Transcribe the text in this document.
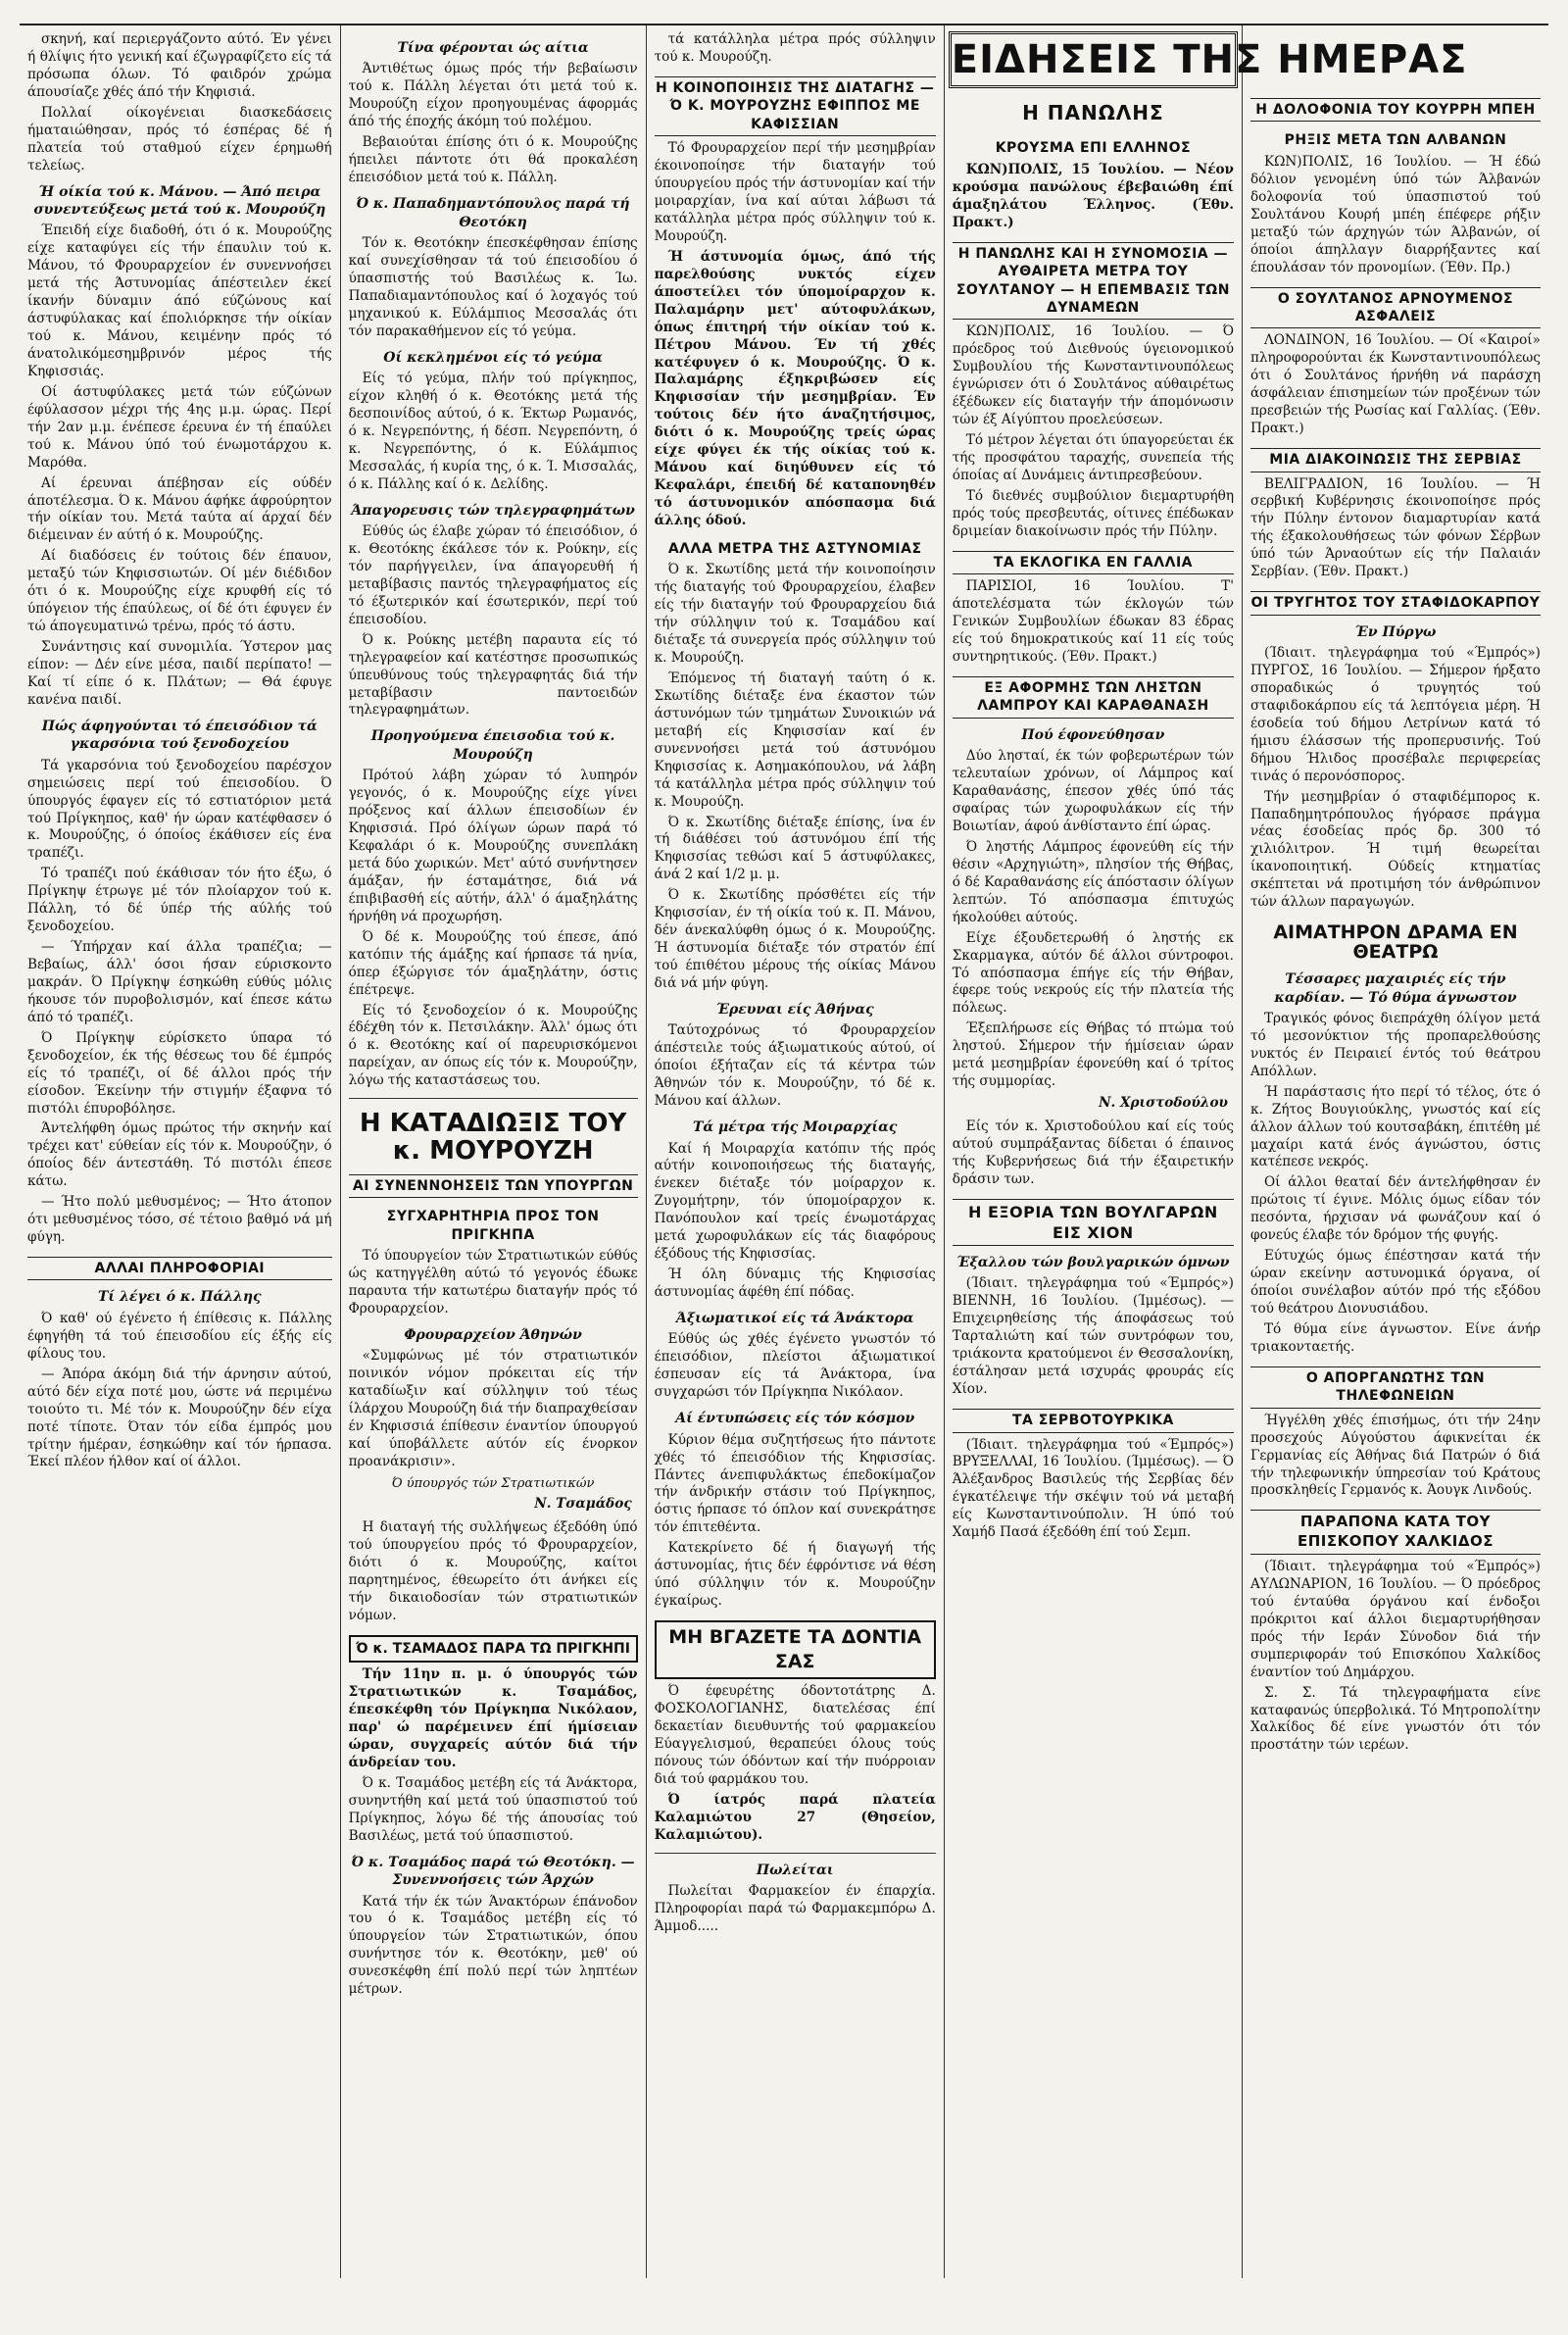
σκηνή, καί περιεργάζοντο αύτό. Έν γένει ή θλίψις ήτο γενική καί έζωγραφίζετο είς τά πρόσωπα όλων. Τό φαιδρόν χρώμα άπουσίαζε χθές άπό τήν Κηφισιά.

Πολλαί οίκογένειαι διασκεδάσεις ήματαιώθησαν, πρός τό έσπέρας δέ ή πλατεία τού σταθμού είχεν έρημωθή τελείως.

Ή οίκία τού κ. Μάνου. — Άπό πειρα συνεντεύξεως μετά τού κ. Μουρούζη

Έπειδή είχε διαδοθή, ότι ό κ. Μουρούζης είχε καταφύγει είς τήν έπαυλιν τού κ. Μάνου, τό Φρουραρχείον έν συνεννοήσει μετά τής Άστυνομίας άπέστειλεν έκεί ίκανήν δύναμιν άπό εύζώνους καί άστυφύλακας καί έπολιόρκησε τήν οίκίαν τού κ. Μάνου, κειμένην πρός τό άνατολικόμεσημβρινόν μέρος τής Κηφισσιάς.

Οί άστυφύλακες μετά τών εύζώνων έφύλασσον μέχρι τής 4ης μ.μ. ώρας. Περί τήν 2αν μ.μ. ένέπεσε έρευνα έν τή έπαύλει τού κ. Μάνου ύπό τού ένωμοτάρχου κ. Μαρόθα.

Αί έρευναι άπέβησαν είς ούδέν άποτέλεσμα. Ό κ. Μάνου άφήκε άφρούρητον τήν οίκίαν του. Μετά ταύτα αί άρχαί δέν διέμειναν έν αύτή ό κ. Μουρούζης.

Αί διαδόσεις έν τούτοις δέν έπαυον, μεταξύ τών Κηφισσιωτών. Οί μέν διέδιδον ότι ό κ. Μουρούζης είχε κρυφθή είς τό ύπόγειον τής έπαύλεως, οί δέ ότι έφυγεν έν τώ άπογευματινώ τρένω, πρός τό άστυ.

Συνάντησις καί συνομιλία. Ύστερον μας είπον: — Δέν είνε μέσα, παιδί περίπατο! — Καί τί είπε ό κ. Πλάτων; — Θά έφυγε κανένα παιδί.

Πώς άφηγούνται τό έπεισόδιον τά γκαρσόνια τού ξενοδοχείου

Τά γκαρσόνια τού ξενοδοχείου παρέσχον σημειώσεις περί τού έπεισοδίου. Ό ύπουργός έφαγεν είς τό εστιατόριον μετά τού Πρίγκηπος, καθ' ήν ώραν κατέφθασεν ό κ. Μουρούζης, ό όποίος έκάθισεν είς ένα τραπέζι.

Τό τραπέζι πού έκάθισαν τόν ήτο έξω, ό Πρίγκηψ έτρωγε μέ τόν πλοίαρχον τού κ. Πάλλη, τό δέ ύπέρ τής αύλής τού ξενοδοχείου.

— Ύπήρχαν καί άλλα τραπέζια; — Βεβαίως, άλλ' όσοι ήσαν εύρισκοντο μακράν. Ό Πρίγκηψ έσηκώθη εύθύς μόλις ήκουσε τόν πυροβολισμόν, καί έπεσε κάτω άπό τό τραπέζι.

Ό Πρίγκηψ εύρίσκετο ύπαρα τό ξενοδοχείον, έκ τής θέσεως του δέ έμπρός είς τό τραπέζι, οί δέ άλλοι πρός τήν είσοδον. Έκείνην τήν στιγμήν έξαφνα τό πιστόλι έπυροβόλησε.

Άντελήφθη όμως πρώτος τήν σκηνήν καί τρέχει κατ' εύθείαν είς τόν κ. Μουρούζην, ό όποίος δέν άντεστάθη. Τό πιστόλι έπεσε κάτω.

— Ήτο πολύ μεθυσμένος; — Ήτο άτοπον ότι μεθυσμένος τόσο, σέ τέτοιο βαθμό νά μή φύγη.

ΑΛΛΑΙ ΠΛΗΡΟΦΟΡΙΑΙ
Τί λέγει ό κ. Πάλλης

Ό καθ' ού έγένετο ή έπίθεσις κ. Πάλλης έφηγήθη τά τού έπεισοδίου είς έξής είς φίλους του.

— Άπόρα άκόμη διά τήν άρνησιν αύτού, αύτό δέν είχα ποτέ μου, ώστε νά περιμένω τοιούτο τι. Μέ τόν κ. Μουρούζην δέν είχα ποτέ τίποτε. Όταν τόν είδα έμπρός μου τρίτην ήμέραν, έσηκώθην καί τόν ήρπασα. Έκεί πλέον ήλθον καί οί άλλοι.

Τίνα φέρονται ώς αίτια

Άντιθέτως όμως πρός τήν βεβαίωσιν τού κ. Πάλλη λέγεται ότι μετά τού κ. Μουρούζη είχον προηγουμένας άφορμάς άπό τής έποχής άκόμη τού πολέμου.

Βεβαιούται έπίσης ότι ό κ. Μουρούζης ήπειλει πάντοτε ότι θά προκαλέση έπεισόδιον μετά τού κ. Πάλλη.

Ό κ. Παπαδημαντόπουλος παρά τή Θεοτόκη

Τόν κ. Θεοτόκην έπεσκέφθησαν έπίσης καί συνεχίσθησαν τά τού έπεισοδίου ό ύπασπιστής τού Βασιλέως κ. Ίω. Παπαδιαμαντόπουλος καί ό λοχαγός τού μηχανικού κ. Εύλάμπιος Μεσσαλάς ότι τόν παρακαθήμενον είς τό γεύμα.

Οί κεκλημένοι είς τό γεύμα

Είς τό γεύμα, πλήν τού πρίγκηπος, είχον κληθή ό κ. Θεοτόκης μετά τής δεσποινίδος αύτού, ό κ. Έκτωρ Ρωμανός, ό κ. Νεγρεπόντης, ή δέσπ. Νεγρεπόντη, ό κ. Νεγρεπόντης, ό κ. Εύλάμπιος Μεσσαλάς, ή κυρία της, ό κ. Ί. Μισσαλάς, ό κ. Πάλλης καί ό κ. Δελίδης.

Άπαγορευσις τών τηλεγραφημάτων

Εύθύς ώς έλαβε χώραν τό έπεισόδιον, ό κ. Θεοτόκης έκάλεσε τόν κ. Ρούκην, είς τόν παρήγγειλεν, ίνα άπαγορευθή ή μεταβίβασις παντός τηλεγραφήματος είς τό έξωτερικόν καί έσωτερικόν, περί τού έπεισοδίου.

Ό κ. Ρούκης μετέβη παραυτα είς τό τηλεγραφείον καί κατέστησε προσωπικώς ύπευθύνους τούς τηλεγραφητάς διά τήν μεταβίβασιν παντοειδών τηλεγραφημάτων.

Προηγούμενα έπεισοδια τού κ. Μουρούζη

Πρότού λάβη χώραν τό λυπηρόν γεγονός, ό κ. Μουρούζης είχε γίνει πρόξενος καί άλλων έπεισοδίων έν Κηφισσιά. Πρό όλίγων ώρων παρά τό Κεφαλάρι ό κ. Μουρούζης συνεπλάκη μετά δύο χωρικών. Μετ' αύτό συνήντησεν άμάξαν, ήν έσταμάτησε, διά νά έπιβιβασθή είς αύτήν, άλλ' ό άμαξηλάτης ήρνήθη νά προχωρήση.

Ό δέ κ. Μουρούζης τού έπεσε, άπό κατόπιν τής άμάξης καί ήρπασε τά ηνία, όπερ έξώργισε τόν άμαξηλάτην, όστις έπέτρεψε.

Είς τό ξενοδοχείον ό κ. Μουρούζης έδέχθη τόν κ. Πετσιλάκην. Άλλ' όμως ότι ό κ. Θεοτόκης καί οί παρευρισκόμενοι παρείχαν, αν όπως είς τόν κ. Μουρούζην, λόγω τής καταστάσεως του.

Η ΚΑΤΑΔΙΩΞΙΣ ΤΟΥ κ. ΜΟΥΡΟΥΖΗ
ΑΙ ΣΥΝΕΝΝΟΗΣΕΙΣ ΤΩΝ ΥΠΟΥΡΓΩΝ
ΣΥΓΧΑΡΗΤΗΡΙΑ ΠΡΟΣ ΤΟΝ ΠΡΙΓΚΗΠΑ

Τό ύπουργείον τών Στρατιωτικών εύθύς ώς κατηγγέλθη αύτώ τό γεγονός έδωκε παραυτα τήν κατωτέρω διαταγήν πρός τό Φρουραρχείον.

Φρουραρχείον Άθηνών

«Συμφώνως μέ τόν στρατιωτικόν ποινικόν νόμον πρόκειται είς τήν καταδίωξιν καί σύλληψιν τού τέως ίλάρχου Μουρούζη διά τήν διαπραχθείσαν έν Κηφισσιά έπίθεσιν έναντίον ύπουργού καί ύποβάλλετε αύτόν είς ένορκον προανάκρισιν».

Ό ύπουργός τών Στρατιωτικών
Ν. Τσαμάδος

Η διαταγή τής συλλήψεως έξεδόθη ύπό τού ύπουργείου πρός τό Φρουραρχείον, διότι ό κ. Μουρούζης, καίτοι παρητημένος, έθεωρείτο ότι άνήκει είς τήν δικαιοδοσίαν τών στρατιωτικών νόμων.

Ό κ. ΤΣΑΜΑΔΟΣ ΠΑΡΑ ΤΩ ΠΡΙΓΚΗΠΙ

Τήν 11ην π. μ. ό ύπουργός τών Στρατιωτικών κ. Τσαμάδος, έπεσκέφθη τόν Πρίγκηπα Νικόλαον, παρ' ώ παρέμεινεν έπί ήμίσειαν ώραν, συγχαρείς αύτόν διά τήν άνδρείαν του.

Ό κ. Τσαμάδος μετέβη είς τά Άνάκτορα, συνηντήθη καί μετά τού ύπασπιστού τού Πρίγκηπος, λόγω δέ τής άπουσίας τού Βασιλέως, μετά τού ύπασπιστού.

Ό κ. Τσαμάδος παρά τώ Θεοτόκη. — Συνεννοήσεις τών Άρχών

Κατά τήν έκ τών Άνακτόρων έπάνοδον του ό κ. Τσαμάδος μετέβη είς τό ύπουργείον τών Στρατιωτικών, όπου συνήντησε τόν κ. Θεοτόκην, μεθ' ού συνεσκέφθη έπί πολύ περί τών ληπτέων μέτρων.

τά κατάλληλα μέτρα πρός σύλληψιν τού κ. Μουρούζη.

Η ΚΟΙΝΟΠΟΙΗΣΙΣ ΤΗΣ ΔΙΑΤΑΓΗΣ — Ό Κ. ΜΟΥΡΟΥΖΗΣ ΕΦΙΠΠΟΣ ΜΕ ΚΑΦΙΣΣΙΑΝ

Τό Φρουραρχείον περί τήν μεσημβρίαν έκοινοποίησε τήν διαταγήν τού ύπουργείου πρός τήν άστυνομίαν καί τήν μοιραρχίαν, ίνα καί αύται λάβωσι τά κατάλληλα μέτρα πρός σύλληψιν τού κ. Μουρούζη.

Ή άστυνομία όμως, άπό τής παρελθούσης νυκτός είχεν άποστείλει τόν ύπομοίραρχον κ. Παλαμάρην μετ' αύτοφυλάκων, όπως έπιτηρή τήν οίκίαν τού κ. Πέτρου Μάνου. Έν τή χθές κατέφυγεν ό κ. Μουρούζης. Ό κ. Παλαμάρης έξηκριβώσεν είς Κηφισσίαν τήν μεσημβρίαν. Έν τούτοις δέν ήτο άναζητήσιμος, διότι ό κ. Μουρούζης τρείς ώρας είχε φύγει έκ τής οίκίας τού κ. Μάνου καί διηύθυνεν είς τό Κεφαλάρι, έπειδή δέ καταπονηθέν τό άστυνομικόν απόσπασμα διά άλλης όδού.

ΑΛΛΑ ΜΕΤΡΑ ΤΗΣ ΑΣΤΥΝΟΜΙΑΣ

Ό κ. Σκωτίδης μετά τήν κοινοποίησιν τής διαταγής τού Φρουραρχείου, έλαβεν είς τήν διαταγήν τού Φρουραρχείου διά τήν σύλληψιν τού κ. Τσαμάδου καί διέταξε τά συνεργεία πρός σύλληψιν τού κ. Μουρούζη.

Έπόμενος τή διαταγή ταύτη ό κ. Σκωτίδης διέταξε ένα έκαστον τών άστυνόμων τών τμημάτων Συνοικιών νά μεταβή είς Κηφισσίαν καί έν συνεννοήσει μετά τού άστυνόμου Κηφισσίας κ. Ασημακόπουλου, νά λάβη τά κατάλληλα μέτρα πρός σύλληψιν τού κ. Μουρούζη.

Ό κ. Σκωτίδης διέταξε έπίσης, ίνα έν τή διάθέσει τού άστυνόμου έπί τής Κηφισσίας τεθώσι καί 5 άστυφύλακες, άνά 2 καί 1/2 μ. μ.

Ό κ. Σκωτίδης πρόσθέτει είς τήν Κηφισσίαν, έν τή οίκία τού κ. Π. Μάνου, δέν άνεκαλύφθη όμως ό κ. Μουρούζης. Ή άστυνομία διέταξε τόν στρατόν έπί τού έπιθέτου μέρους τής οίκίας Μάνου διά νά μήν φύγη.

Έρευναι είς Άθήνας

Ταύτοχρόνως τό Φρουραρχείον άπέστειλε τούς άξιωματικούς αύτού, οί όποίοι έξήταζαν είς τά κέντρα τών Άθηνών τόν κ. Μουρούζην, τό δέ κ. Μάνου καί άλλων.

Τά μέτρα τής Μοιραρχίας

Καί ή Μοιραρχία κατόπιν τής πρός αύτήν κοινοποιήσεως τής διαταγής, ένεκεν διέταξε τόν μοίραρχον κ. Ζυγομήτρην, τόν ύπομοίραρχον κ. Πανόπουλον καί τρείς ένωμοτάρχας μετά χωροφυλάκων είς τάς διαφόρους έξόδους τής Κηφισσίας.

Ή όλη δύναμις τής Κηφισσίας άστυνομίας άφέθη έπί πόδας.

Άξιωματικοί είς τά Άνάκτορα

Εύθύς ώς χθές έγένετο γνωστόν τό έπεισόδιον, πλείστοι άξιωματικοί έσπευσαν είς τά Άνάκτορα, ίνα συγχαρώσι τόν Πρίγκηπα Νικόλαον.

Αί έντυπώσεις είς τόν κόσμον

Κύριον θέμα συζητήσεως ήτο πάντοτε χθές τό έπεισόδιον τής Κηφισσίας. Πάντες άνεπιφυλάκτως έπεδοκίμαζον τήν άνδρικήν στάσιν τού Πρίγκηπος, όστις ήρπασε τό όπλον καί συνεκράτησε τόν έπιτεθέντα.

Κατεκρίνετο δέ ή διαγωγή τής άστυνομίας, ήτις δέν έφρόντισε νά θέση ύπό σύλληψιν τόν κ. Μουρούζην έγκαίρως.

ΜΗ ΒΓΑΖΕΤΕ ΤΑ ΔΟΝΤΙΑ ΣΑΣ

Ό έφευρέτης όδοντοτάτρης Δ. ΦΟΣΚΟΛΟΓΙΑΝΗΣ, διατελέσας έπί δεκαετίαν διευθυντής τού φαρμακείου Εύαγγελισμού, θεραπεύει όλους τούς πόνους τών όδόντων καί τήν πυόρροιαν διά τού φαρμάκου του.

Ό ίατρός παρά πλατεία Καλαμιώτου 27 (Θησείον, Καλαμιώτου).

Πωλείται

Πωλείται Φαρμακείον έν έπαρχία. Πληροφορίαι παρά τώ Φαρμακεμπόρω Δ. Άμμοδ.....

ΕΙΔΗΣΕΙΣ ΤΗΣ ΗΜΕΡΑΣ
Η ΠΑΝΩΛΗΣ
ΚΡΟΥΣΜΑ ΕΠΙ ΕΛΛΗΝΟΣ

ΚΩΝ)ΠΟΛΙΣ, 15 Ίουλίου. — Νέον κρούσμα πανώλους έβεβαιώθη έπί άμαξηλάτου Έλληνος. (Έθν. Πρακτ.)

Η ΠΑΝΩΛΗΣ ΚΑΙ Η ΣΥΝΟΜΟΣΙΑ — ΑΥΘΑΙΡΕΤΑ ΜΕΤΡΑ ΤΟΥ ΣΟΥΛΤΑΝΟΥ — Η ΕΠΕΜΒΑΣΙΣ ΤΩΝ ΔΥΝΑΜΕΩΝ

ΚΩΝ)ΠΟΛΙΣ, 16 Ίουλίου. — Ό πρόεδρος τού Διεθνούς ύγειονομικού Συμβουλίου τής Κωνσταντινουπόλεως έγνώρισεν ότι ό Σουλτάνος αύθαιρέτως έξέδωκεν είς διαταγήν τήν άπομόνωσιν τών έξ Αίγύπτου προελεύσεων.

Τό μέτρον λέγεται ότι ύπαγορεύεται έκ τής προσφάτου ταραχής, συνεπεία τής όποίας αί Δυνάμεις άντιπρεσβεύουν.

Τό διεθνές συμβούλιον διεμαρτυρήθη πρός τούς πρεσβευτάς, οίτινες έπέδωκαν δριμείαν διακοίνωσιν πρός τήν Πύλην.

ΤΑ ΕΚΛΟΓΙΚΑ ΕΝ ΓΑΛΛΙΑ

ΠΑΡΙΣΙΟΙ, 16 Ίουλίου. Τ' άποτελέσματα τών έκλογών τών Γενικών Συμβουλίων έδωκαν 83 έδρας είς τού δημοκρατικούς καί 11 είς τούς συντηρητικούς. (Έθν. Πρακτ.)

ΕΞ ΑΦΟΡΜΗΣ ΤΩΝ ΛΗΣΤΩΝ ΛΑΜΠΡΟΥ ΚΑΙ ΚΑΡΑΘΑΝΑΣΗ
Πού έφονεύθησαν

Δύο λησταί, έκ τών φοβερωτέρων τών τελευταίων χρόνων, οί Λάμπρος καί Καραθανάσης, έπεσον χθές ύπό τάς σφαίρας τών χωροφυλάκων είς τήν Βοιωτίαν, άφού άνθίσταντο έπί ώρας.

Ό ληστής Λάμπρος έφονεύθη είς τήν θέσιν «Αρχηγιώτη», πλησίον τής Θήβας, ό δέ Καραθανάσης είς άπόστασιν όλίγων λεπτών. Τό απόσπασμα έπιτυχώς ήκολούθει αύτούς.

Είχε έξουδετερωθή ό ληστής εκ Σκαρμαγκα, αύτόν δέ άλλοι σύντροφοι. Τό απόσπασμα έπήγε είς τήν Θήβαν, έφερε τούς νεκρούς είς τήν πλατεία τής πόλεως.

Έξεπλήρωσε είς Θήβας τό πτώμα τού ληστού. Σήμερον τήν ήμίσειαν ώραν μετά μεσημβρίαν έφονεύθη καί ό τρίτος τής συμμορίας.

Ν. Χριστοδούλου

Είς τόν κ. Χριστοδούλου καί είς τούς αύτού συμπράξαντας δίδεται ό έπαινος τής Κυβερνήσεως διά τήν έξαιρετικήν δράσιν των.

Η ΕΞΟΡΙΑ ΤΩΝ ΒΟΥΛΓΑΡΩΝ ΕΙΣ ΧΙΟΝ
Έξαλλου τών βουλγαρικών όμνων

(Ίδιαιτ. τηλεγράφημα τού «Έμπρός») ΒΙΕΝΝΗ, 16 Ίουλίου. (Ίμμέσως). — Επιχειρηθείσης τής άποφάσεως τού Ταρταλιώτη καί τών συντρόφων του, τριάκοντα κρατούμενοι έν Θεσσαλονίκη, έστάλησαν μετά ισχυράς φρουράς είς Χίον.

ΤΑ ΣΕΡΒΟΤΟΥΡΚΙΚΑ

(Ίδιαιτ. τηλεγράφημα τού «Έμπρός») ΒΡΥΞΕΛΛΑΙ, 16 Ίουλίου. (Ίμμέσως). — Ό Άλέξανδρος Βασιλεύς τής Σερβίας δέν έγκατέλειψε τήν σκέψιν τού νά μεταβή είς Κωνσταντινούπολιν. Ή ύπό τού Χαμήδ Πασά έξεδόθη έπί τού Σεμπ.

Η ΔΟΛΟΦΟΝΙΑ ΤΟΥ ΚΟΥΡΡΗ ΜΠΕΗ
ΡΗΞΙΣ ΜΕΤΑ ΤΩΝ ΑΛΒΑΝΩΝ

ΚΩΝ)ΠΟΛΙΣ, 16 Ίουλίου. — Ή έδώ δόλιον γενομένη ύπό τών Άλβανών δολοφονία τού ύπασπιστού τού Σουλτάνου Κουρή μπέη έπέφερε ρήξιν μεταξύ τών άρχηγών τών Άλβανών, οί όποίοι άπηλλαγν διαρρήξαντες καί έπουλάσαν τόν προνομίων. (Έθν. Πρ.)

Ο ΣΟΥΛΤΑΝΟΣ ΑΡΝΟΥΜΕΝΟΣ ΑΣΦΑΛΕΙΣ

ΛΟΝΔΙΝΟΝ, 16 Ίουλίου. — Οί «Καιροί» πληροφορούνται έκ Κωνσταντινουπόλεως ότι ό Σουλτάνος ήρνήθη νά παράσχη άσφάλειαν έπισημείων τών προξένων τών πρεσβειών τής Ρωσίας καί Γαλλίας. (Έθν. Πρακτ.)

ΜΙΑ ΔΙΑΚΟΙΝΩΣΙΣ ΤΗΣ ΣΕΡΒΙΑΣ

ΒΕΛΙΓΡΑΔΙΟΝ, 16 Ίουλίου. — Ή σερβική Κυβέρνησις έκοινοποίησε πρός τήν Πύλην έντονον διαμαρτυρίαν κατά τής έξακολουθήσεως τών φόνων Σέρβων ύπό τών Άρναούτων είς τήν Παλαιάν Σερβίαν. (Έθν. Πρακτ.)

ΟΙ ΤΡΥΓΗΤΟΣ ΤΟΥ ΣΤΑΦΙΔΟΚΑΡΠΟΥ
Έν Πύργω

(Ίδιαιτ. τηλεγράφημα τού «Έμπρός») ΠΥΡΓΟΣ, 16 Ίουλίου. — Σήμερον ήρξατο σποραδικώς ό τρυγητός τού σταφιδοκάρπου είς τά λεπτόγεια μέρη. Ή έσοδεία τού δήμου Λετρίνων κατά τό ήμισυ έλάσσων τής προπερυσινής. Τού δήμου Ήλιδος προσέβαλε περιφερείας τινάς ό περονόσπορος.

Τήν μεσημβρίαν ό σταφιδέμπορος κ. Παπαδημητρόπουλος ήγόρασε πράγμα νέας έσοδείας πρός δρ. 300 τό χιλιόλιτρον. Ή τιμή θεωρείται ίκανοποιητική. Ούδείς κτηματίας σκέπτεται νά προτιμήση τόν άνθρώπινον τών άλλων παραγωγών.

ΑΙΜΑΤΗΡΟΝ ΔΡΑΜΑ ΕΝ ΘΕΑΤΡΩ
Τέσσαρες μαχαιριές είς τήν καρδίαν. — Τό θύμα άγνωστον

Τραγικός φόνος διεπράχθη όλίγον μετά τό μεσονύκτιον τής προπαρελθούσης νυκτός έν Πειραιεί έντός τού θεάτρου Απόλλων.

Ή παράστασις ήτο περί τό τέλος, ότε ό κ. Ζήτος Βουγιούκλης, γνωστός καί είς άλλον άλλων τού κουτσαβάκη, έπιτέθη μέ μαχαίρι κατά ένός άγνώστου, όστις κατέπεσε νεκρός.

Οί άλλοι θεαταί δέν άντελήφθησαν έν πρώτοις τί έγινε. Μόλις όμως είδαν τόν πεσόντα, ήρχισαν νά φωνάζουν καί ό φονεύς έλαβε τόν δρόμον τής φυγής.

Εύτυχώς όμως έπέστησαν κατά τήν ώραν εκείνην αστυνομικά όργανα, οί όποίοι συνέλαβον αύτόν πρό τής εξόδου τού θεάτρου Διονυσιάδου.

Τό θύμα είνε άγνωστον. Είνε άνήρ τριακονταετής.

Ο ΑΠΟΡΓΑΝΩΤΗΣ ΤΩΝ ΤΗΛΕΦΩΝΕΙΩΝ

Ήγγέλθη χθές έπισήμως, ότι τήν 24ην προσεχούς Αύγούστου άφικνείται έκ Γερμανίας είς Άθήνας διά Πατρών ό διά τήν τηλεφωνικήν ύπηρεσίαν τού Κράτους προσκληθείς Γερμανός κ. Άουγκ Λινδούς.

ΠΑΡΑΠΟΝΑ ΚΑΤΑ ΤΟΥ ΕΠΙΣΚΟΠΟΥ ΧΑΛΚΙΔΟΣ

(Ίδιαιτ. τηλεγράφημα τού «Έμπρός») ΑΥΛΩΝΑΡΙΟΝ, 16 Ίουλίου. — Ό πρόεδρος τού ένταύθα όργάνου καί ένδοξοι πρόκριτοι καί άλλοι διεμαρτυρήθησαν πρός τήν Ιεράν Σύνοδον διά τήν συμπεριφοράν τού Επισκόπου Χαλκίδος έναντίον τού Δημάρχου.

Σ. Σ. Τά τηλεγραφήματα είνε καταφανώς ύπερβολικά. Τό Μητροπολίτην Χαλκίδος δέ είνε γνωστόν ότι τόν προστάτην τών ιερέων.
